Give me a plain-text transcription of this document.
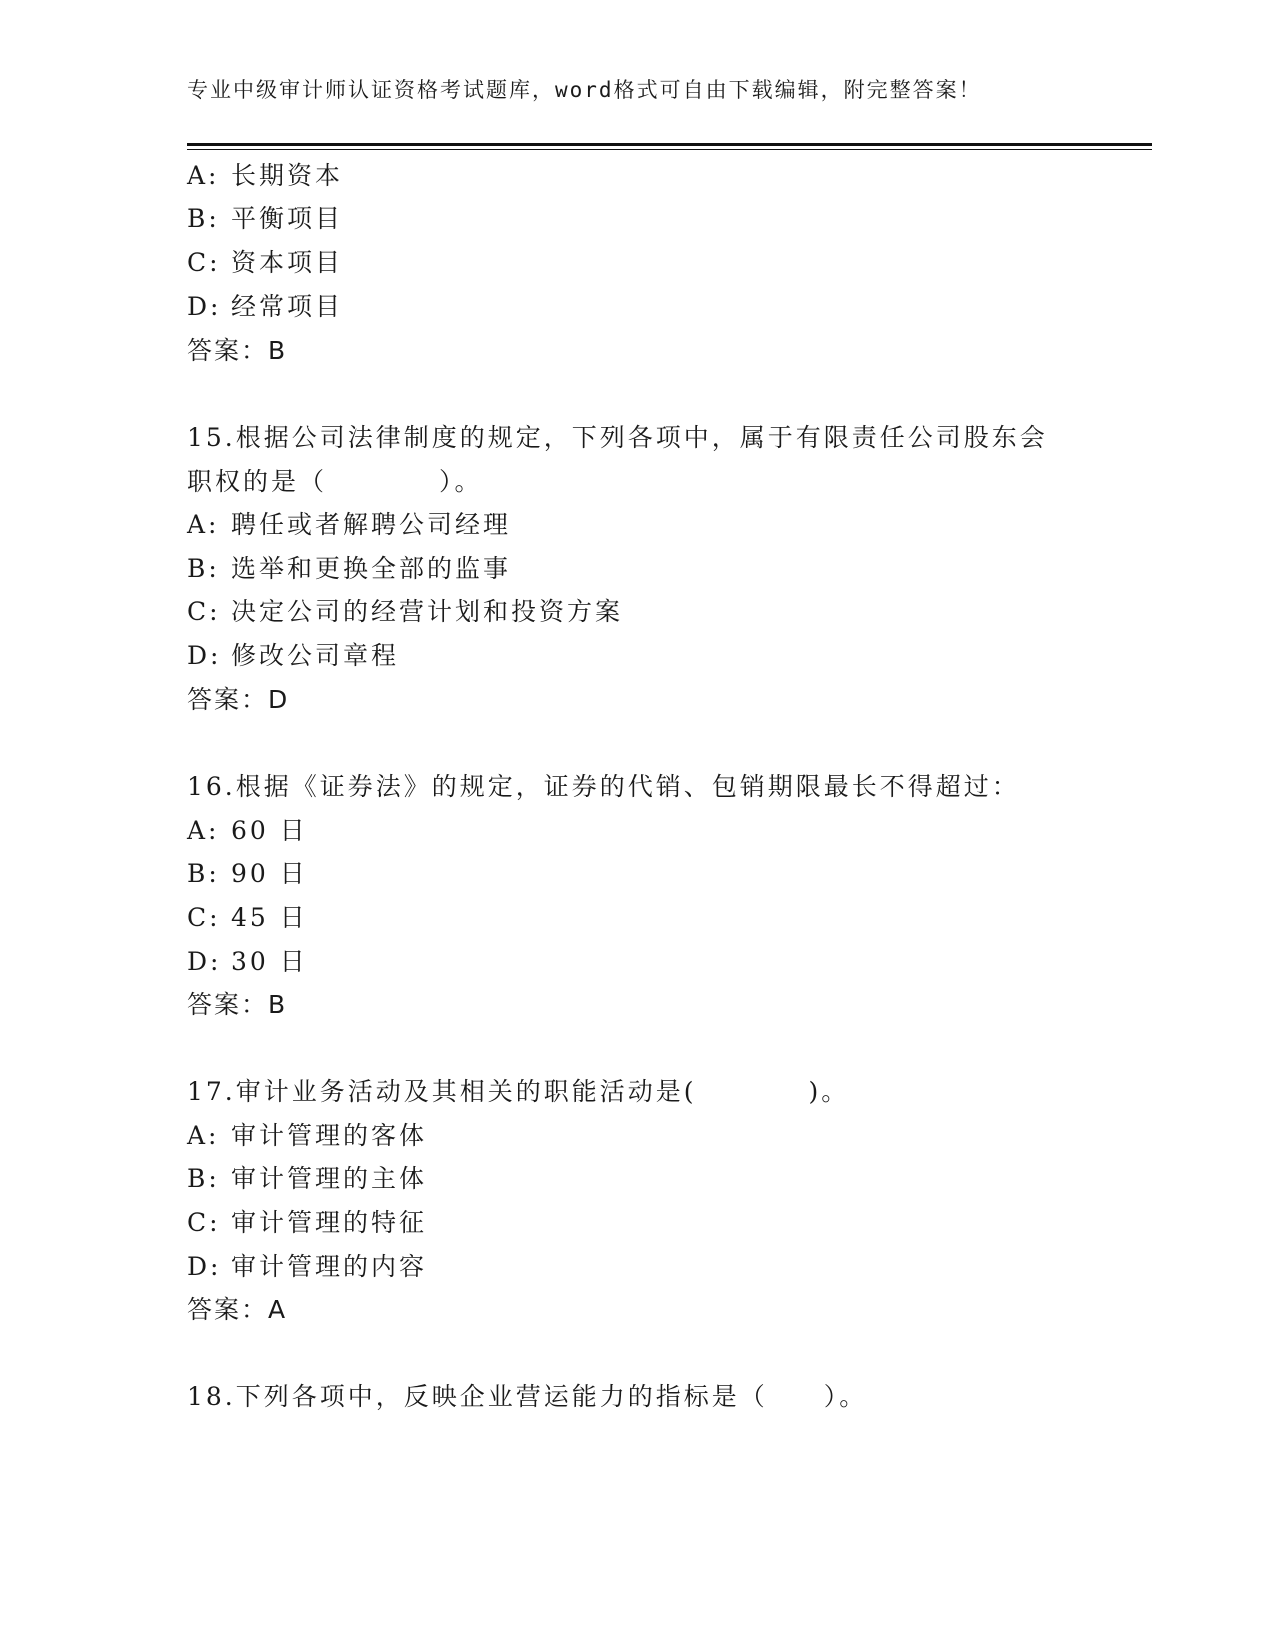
专业中级审计师认证资格考试题库，word格式可自由下载编辑，附完整答案！
A: 长期资本
B: 平衡项目
C: 资本项目
D: 经常项目
答案：B
15.根据公司法律制度的规定，下列各项中，属于有限责任公司股东会
职权的是（　　　　）。
A: 聘任或者解聘公司经理
B: 选举和更换全部的监事
C: 决定公司的经营计划和投资方案
D: 修改公司章程
答案：D
16.根据《证券法》的规定，证券的代销、包销期限最长不得超过：
A: 60 日
B: 90 日
C: 45 日
D: 30 日
答案：B
17.审计业务活动及其相关的职能活动是(　　　　)。
A: 审计管理的客体
B: 审计管理的主体
C: 审计管理的特征
D: 审计管理的内容
答案：A
18.下列各项中，反映企业营运能力的指标是（　　）。
